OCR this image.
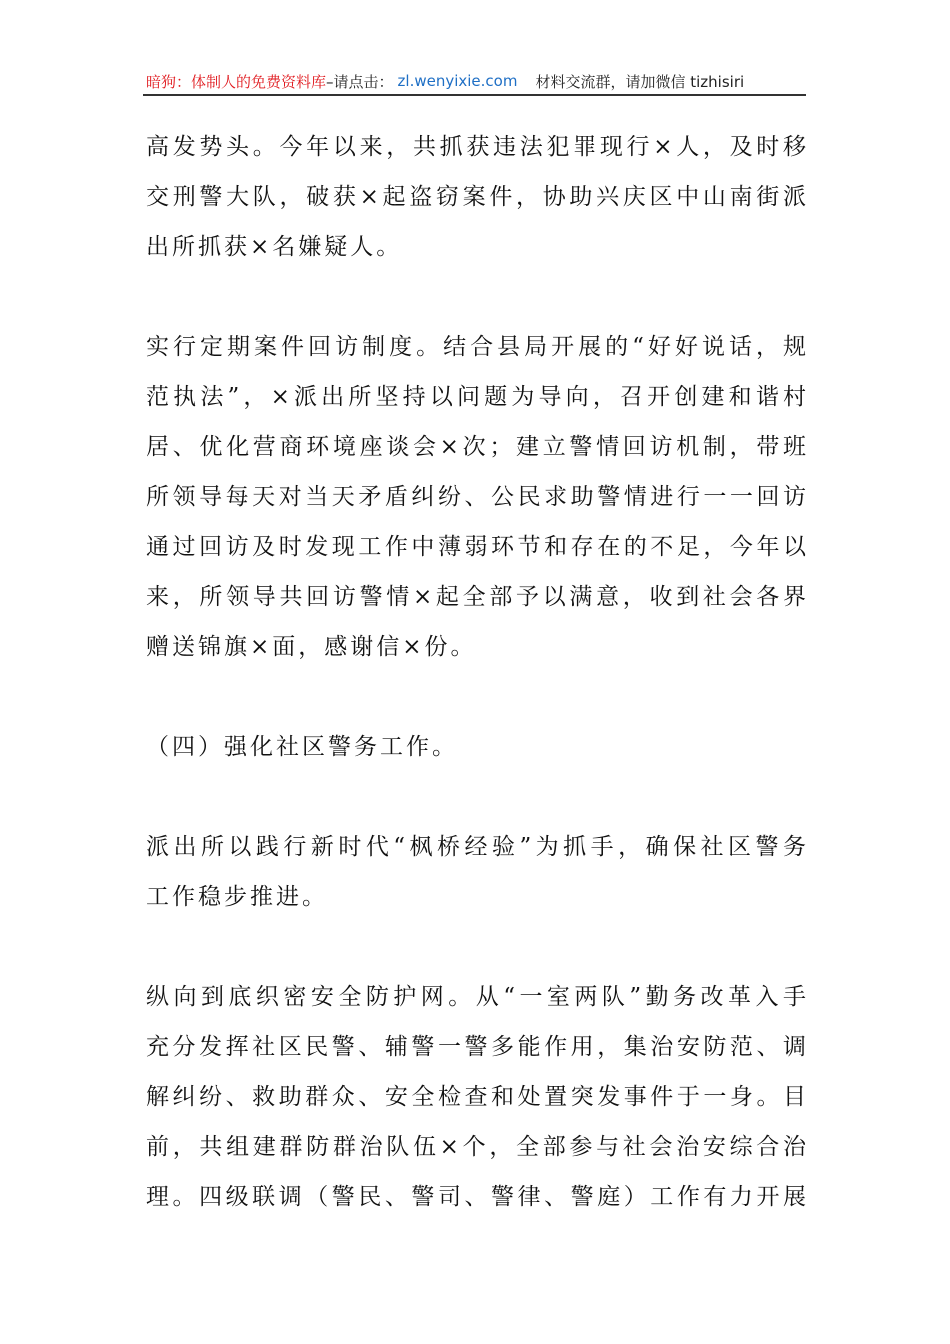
暗狗：体制人的免费资料库 –请点击： zl.wenyixie.com 材料交流群，请加微信 tizhisiri
高发势头。今年以来，共抓获违法犯罪现行×人，及时移
交刑警大队，破获×起盗窃案件，协助兴庆区中山南街派
出所抓获×名嫌疑人。
实行定期案件回访制度。结合县局开展的“好好说话，规
范执法”，×派出所坚持以问题为导向，召开创建和谐村
居、优化营商环境座谈会×次；建立警情回访机制，带班
所领导每天对当天矛盾纠纷、公民求助警情进行一一回访
通过回访及时发现工作中薄弱环节和存在的不足，今年以
来，所领导共回访警情×起全部予以满意，收到社会各界
赠送锦旗×面，感谢信×份。
（四）强化社区警务工作。
派出所以践行新时代“枫桥经验”为抓手，确保社区警务
工作稳步推进。
纵向到底织密安全防护网。从“一室两队”勤务改革入手
充分发挥社区民警、辅警一警多能作用，集治安防范、调
解纠纷、救助群众、安全检查和处置突发事件于一身。目
前，共组建群防群治队伍×个，全部参与社会治安综合治
理。四级联调（警民、警司、警律、警庭）工作有力开展
